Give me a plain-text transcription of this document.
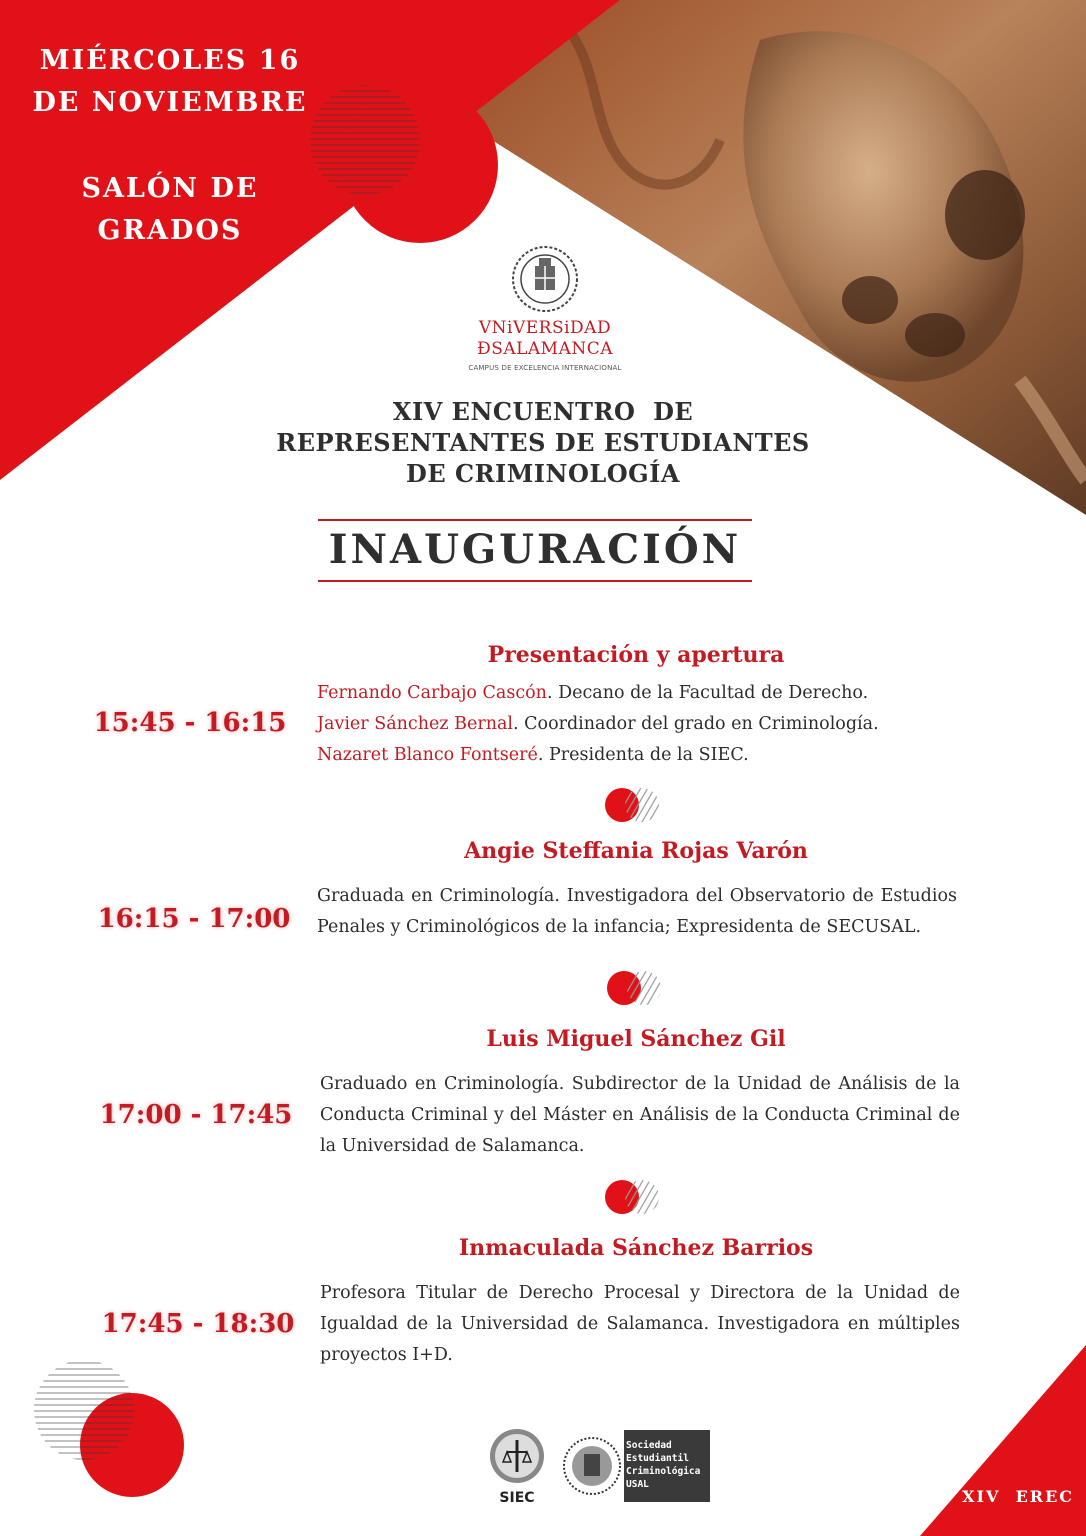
MIÉRCOLES 16
DE NOVIEMBRE
SALÓN DE
GRADOS
VNiVERSiDAD
ÐSALAMANCA
CAMPUS DE EXCELENCIA INTERNACIONAL
XIV ENCUENTRO  DE
REPRESENTANTES DE ESTUDIANTES
DE CRIMINOLOGÍA
INAUGURACIÓN
Presentación y apertura
15:45 - 16:15
Fernando Carbajo Cascón. Decano de la Facultad de Derecho.
Javier Sánchez Bernal. Coordinador del grado en Criminología.
Nazaret Blanco Fontseré. Presidenta de la SIEC.
Angie Steffania Rojas Varón
16:15 - 17:00
Graduada en Criminología. Investigadora del Observatorio de Estudios Penales y Criminológicos de la infancia; Expresidenta de SECUSAL.
Luis Miguel Sánchez Gil
17:00 - 17:45
Graduado en Criminología. Subdirector de la Unidad de Análisis de la Conducta Criminal y del Máster en Análisis de la Conducta Criminal de la Universidad de Salamanca.
Inmaculada Sánchez Barrios
17:45 - 18:30
Profesora Titular de Derecho Procesal y Directora de la Unidad de Igualdad de la Universidad de Salamanca. Investigadora en múltiples proyectos I+D.
SIEC
Sociedad
Estudiantil
Criminológica
USAL
XIV  EREC
